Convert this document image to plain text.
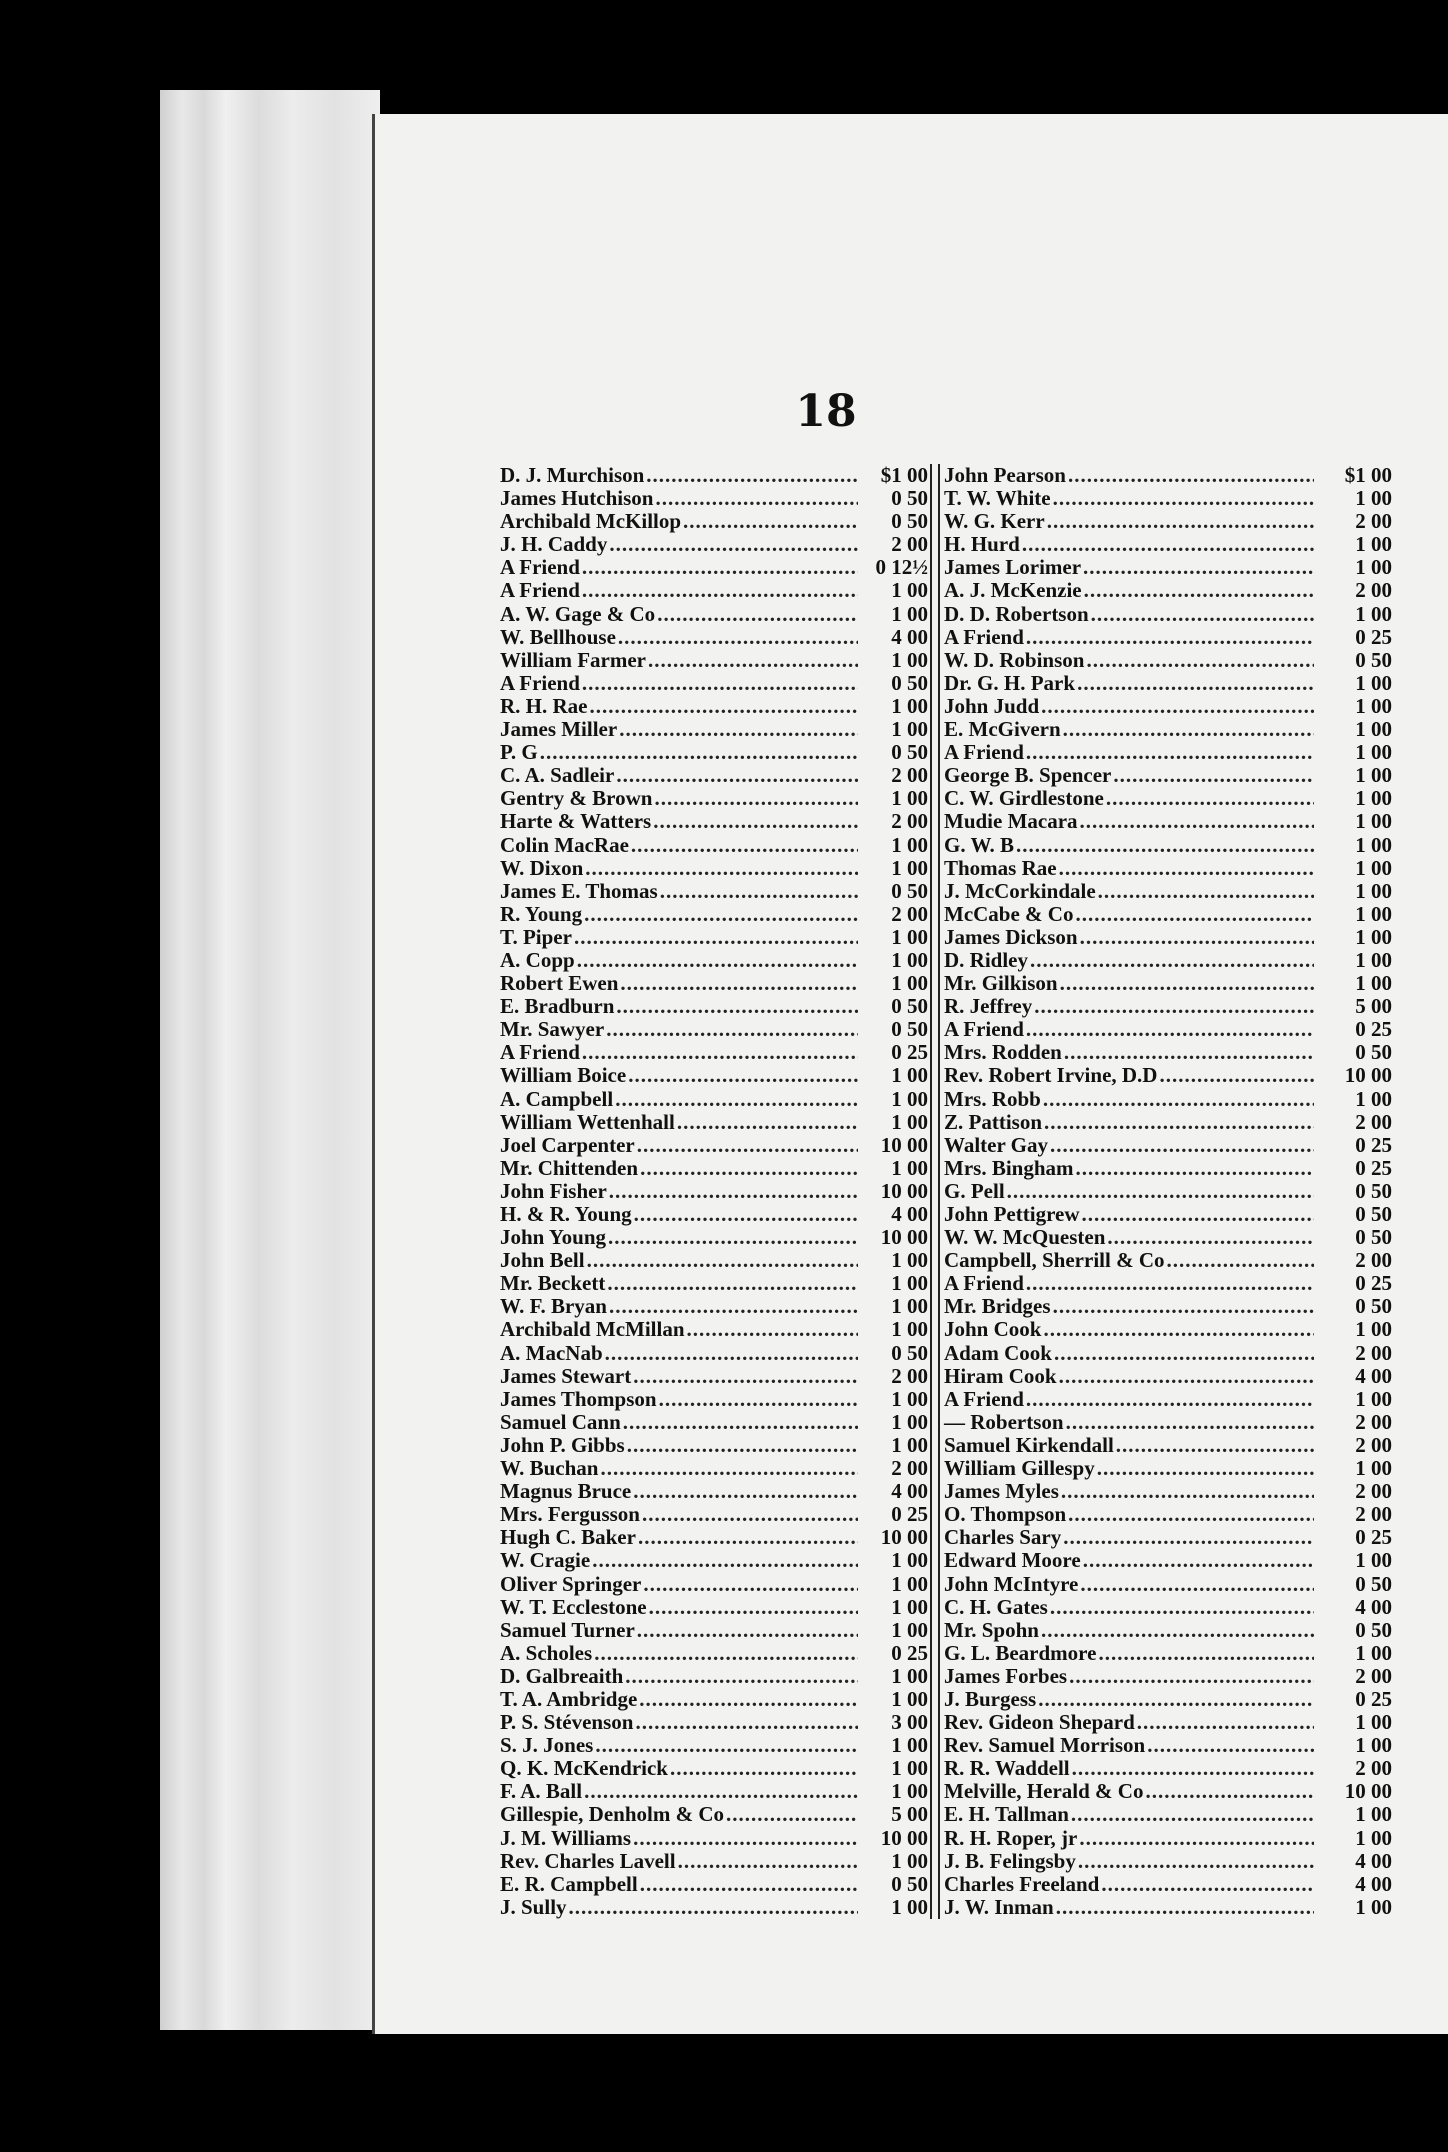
18
D. J. Murchison .....	$1 00
James Hutchison .....	0 50
Archibald McKillop .....	0 50
J. H. Caddy .....	2 00
A Friend .....	0 12½
A Friend .....	1 00
A. W. Gage & Co .....	1 00
W. Bellhouse .....	4 00
William Farmer .....	1 00
A Friend .....	0 50
R. H. Rae .....	1 00
James Miller .....	1 00
P. G .....	0 50
C. A. Sadleir .....	2 00
Gentry & Brown .....	1 00
Harte & Watters .....	2 00
Colin MacRae .....	1 00
W. Dixon .....	1 00
James E. Thomas .....	0 50
R. Young .....	2 00
T. Piper .....	1 00
A. Copp .....	1 00
Robert Ewen .....	1 00
E. Bradburn .....	0 50
Mr. Sawyer .....	0 50
A Friend .....	0 25
William Boice .....	1 00
A. Campbell .....	1 00
William Wettenhall .....	1 00
Joel Carpenter .....	10 00
Mr. Chittenden .....	1 00
John Fisher .....	10 00
H. & R. Young .....	4 00
John Young .....	10 00
John Bell .....	1 00
Mr. Beckett .....	1 00
W. F. Bryan .....	1 00
Archibald McMillan .....	1 00
A. MacNab .....	0 50
James Stewart .....	2 00
James Thompson .....	1 00
Samuel Cann .....	1 00
John P. Gibbs .....	1 00
W. Buchan .....	2 00
Magnus Bruce .....	4 00
Mrs. Fergusson .....	0 25
Hugh C. Baker .....	10 00
W. Cragie .....	1 00
Oliver Springer .....	1 00
W. T. Ecclestone .....	1 00
Samuel Turner .....	1 00
A. Scholes .....	0 25
D. Galbreaith .....	1 00
T. A. Ambridge .....	1 00
P. S. Stévenson .....	3 00
S. J. Jones .....	1 00
Q. K. McKendrick .....	1 00
F. A. Ball .....	1 00
Gillespie, Denholm & Co .....	5 00
J. M. Williams .....	10 00
Rev. Charles Lavell .....	1 00
E. R. Campbell .....	0 50
J. Sully .....	1 00
John Pearson .....	$1 00
T. W. White .....	1 00
W. G. Kerr .....	2 00
H. Hurd .....	1 00
James Lorimer .....	1 00
A. J. McKenzie .....	2 00
D. D. Robertson .....	1 00
A Friend .....	0 25
W. D. Robinson .....	0 50
Dr. G. H. Park .....	1 00
John Judd .....	1 00
E. McGivern .....	1 00
A Friend .....	1 00
George B. Spencer .....	1 00
C. W. Girdlestone .....	1 00
Mudie Macara .....	1 00
G. W. B .....	1 00
Thomas Rae .....	1 00
J. McCorkindale .....	1 00
McCabe & Co .....	1 00
James Dickson .....	1 00
D. Ridley .....	1 00
Mr. Gilkison .....	1 00
R. Jeffrey .....	5 00
A Friend .....	0 25
Mrs. Rodden .....	0 50
Rev. Robert Irvine, D.D .....	10 00
Mrs. Robb .....	1 00
Z. Pattison .....	2 00
Walter Gay .....	0 25
Mrs. Bingham .....	0 25
G. Pell .....	0 50
John Pettigrew .....	0 50
W. W. McQuesten .....	0 50
Campbell, Sherrill & Co .....	2 00
A Friend .....	0 25
Mr. Bridges .....	0 50
John Cook .....	1 00
Adam Cook .....	2 00
Hiram Cook .....	4 00
A Friend .....	1 00
— Robertson .....	2 00
Samuel Kirkendall .....	2 00
William Gillespy .....	1 00
James Myles .....	2 00
O. Thompson .....	2 00
Charles Sary .....	0 25
Edward Moore .....	1 00
John McIntyre .....	0 50
C. H. Gates .....	4 00
Mr. Spohn .....	0 50
G. L. Beardmore .....	1 00
James Forbes .....	2 00
J. Burgess .....	0 25
Rev. Gideon Shepard .....	1 00
Rev. Samuel Morrison .....	1 00
R. R. Waddell .....	2 00
Melville, Herald & Co .....	10 00
E. H. Tallman .....	1 00
R. H. Roper, jr .....	1 00
J. B. Felingsby .....	4 00
Charles Freeland .....	4 00
J. W. Inman .....	1 00
